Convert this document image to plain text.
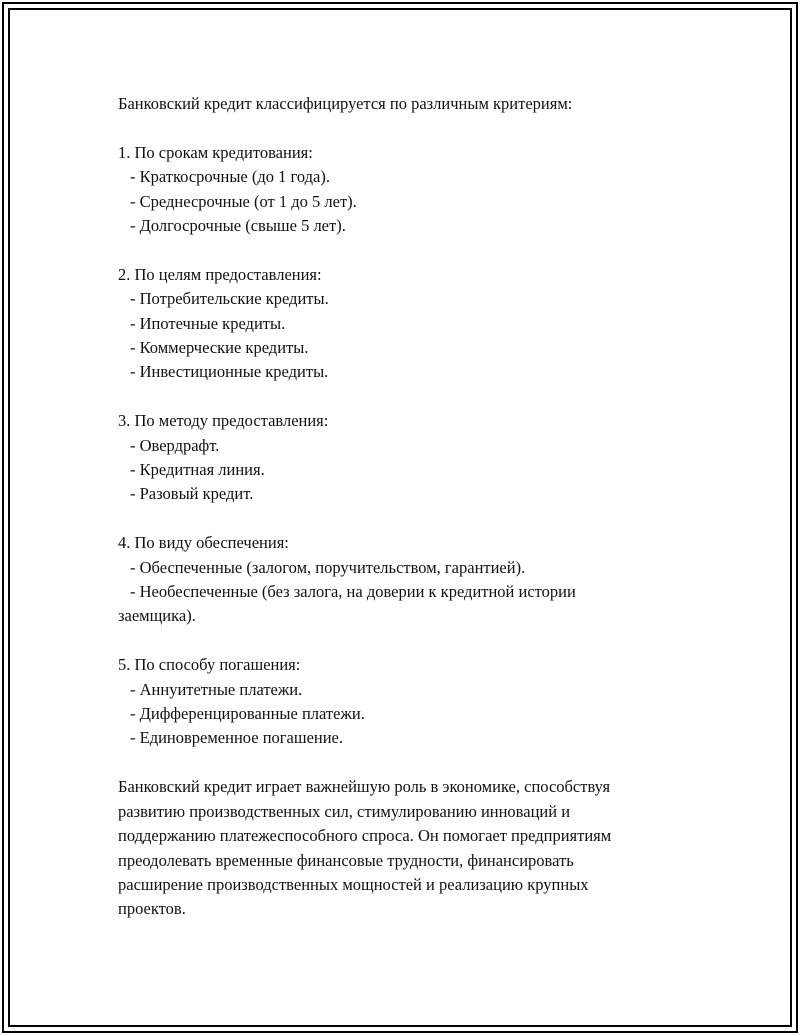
Банковский кредит классифицируется по различным критериям:

1. По срокам кредитования:

- Краткосрочные (до 1 года).

- Среднесрочные (от 1 до 5 лет).

- Долгосрочные (свыше 5 лет).

2. По целям предоставления:

- Потребительские кредиты.

- Ипотечные кредиты.

- Коммерческие кредиты.

- Инвестиционные кредиты.

3. По методу предоставления:

- Овердрафт.

- Кредитная линия.

- Разовый кредит.

4. По виду обеспечения:

- Обеспеченные (залогом, поручительством, гарантией).

- Необеспеченные (без залога, на доверии к кредитной истории

заемщика).

5. По способу погашения:

- Аннуитетные платежи.

- Дифференцированные платежи.

- Единовременное погашение.

Банковский кредит играет важнейшую роль в экономике, способствуя

развитию производственных сил, стимулированию инноваций и

поддержанию платежеспособного спроса. Он помогает предприятиям

преодолевать временные финансовые трудности, финансировать

расширение производственных мощностей и реализацию крупных

проектов.
